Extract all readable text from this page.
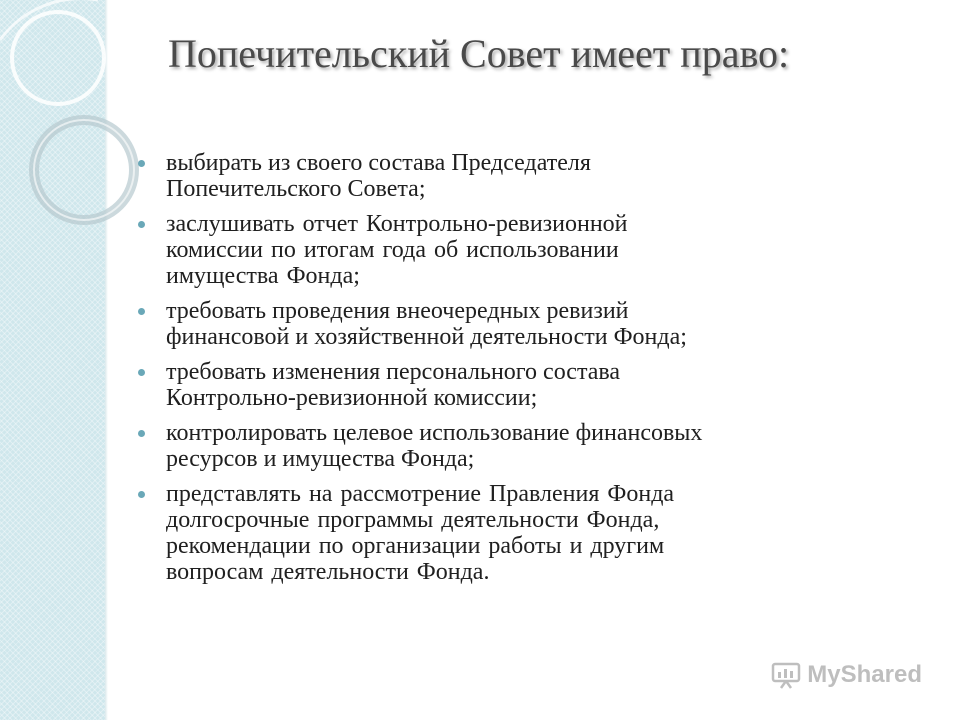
Попечительский Совет имеет право:
выбирать из своего состава Председателя
Попечительского Совета;
заслушивать отчет Контрольно-ревизионной
комиссии по итогам года об использовании
имущества Фонда;
требовать проведения внеочередных ревизий
финансовой и хозяйственной деятельности Фонда;
требовать изменения персонального состава
Контрольно-ревизионной комиссии;
контролировать целевое использование финансовых
ресурсов и имущества Фонда;
представлять на рассмотрение Правления Фонда
долгосрочные программы деятельности Фонда,
рекомендации по организации работы и другим
вопросам деятельности Фонда.
MyShared
